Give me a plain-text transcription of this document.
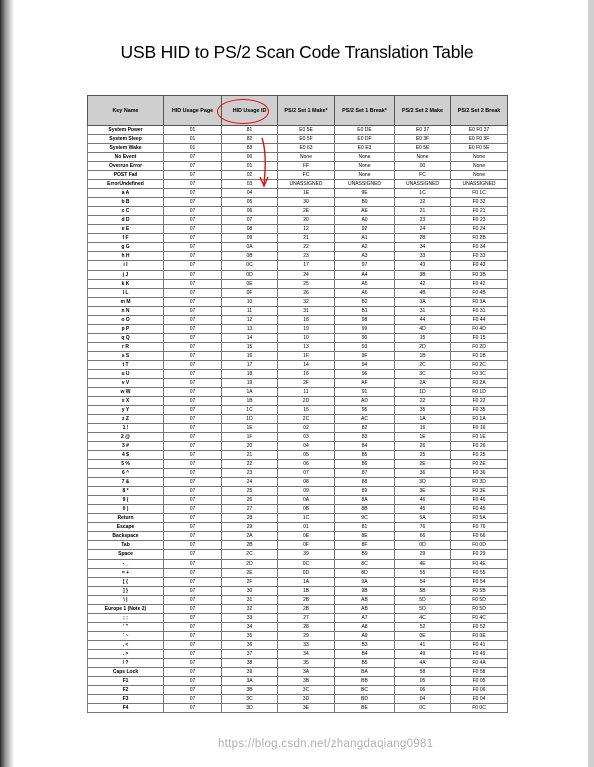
USB HID to PS/2 Scan Code Translation Table
Key Name	HID Usage Page	HID Usage ID	PS/2 Set 1 Make*	PS/2 Set 1 Break*	PS/2 Set 2 Make	PS/2 Set 2 Break
System Power	01	81	E0 5E	E0 DE	E0 37	E0 F0 37
System Sleep	01	82	E0 5F	E0 DF	E0 3F	E0 F0 3F
System Wake	01	83	E0 63	E0 E3	E0 5E	E0 F0 5E
No Event	07	00	None	None	None	None
Overrun Error	07	01	FF	None	00	None
POST Fail	07	02	FC	None	FC	None
ErrorUndefined	07	03	UNASSIGNED	UNASSIGNED	UNASSIGNED	UNASSIGNED
a A	07	04	1E	9E	1C	F0 1C
b B	07	05	30	B0	32	F0 32
c C	07	06	2E	AE	21	F0 21
d D	07	07	20	A0	23	F0 23
e E	07	08	12	92	24	F0 24
f F	07	09	21	A1	2B	F0 2B
g G	07	0A	22	A2	34	F0 34
h H	07	0B	23	A3	33	F0 33
i I	07	0C	17	97	43	F0 43
j J	07	0D	24	A4	3B	F0 3B
k K	07	0E	25	A5	42	F0 42
l L	07	0F	26	A6	4B	F0 4B
m M	07	10	32	B2	3A	F0 3A
n N	07	11	31	B1	31	F0 31
o O	07	12	18	98	44	F0 44
p P	07	13	19	99	4D	F0 4D
q Q	07	14	10	90	15	F0 15
r R	07	15	13	93	2D	F0 2D
s S	07	16	1F	9F	1B	F0 1B
t T	07	17	14	94	2C	F0 2C
u U	07	18	16	96	3C	F0 3C
v V	07	19	2F	AF	2A	F0 2A
w W	07	1A	11	91	1D	F0 1D
x X	07	1B	2D	AD	22	F0 22
y Y	07	1C	15	95	35	F0 35
z Z	07	1D	2C	AC	1A	F0 1A
1 !	07	1E	02	82	16	F0 16
2 @	07	1F	03	83	1E	F0 1E
3 #	07	20	04	84	26	F0 26
4 $	07	21	05	85	25	F0 25
5 %	07	22	06	86	2E	F0 2E
6 ^	07	23	07	87	36	F0 36
7 &	07	24	08	88	3D	F0 3D
8 *	07	25	09	89	3E	F0 3E
9 (	07	26	0A	8A	46	F0 46
0 )	07	27	0B	8B	45	F0 45
Return	07	28	1C	9C	5A	F0 5A
Escape	07	29	01	81	76	F0 76
Backspace	07	2A	0E	8E	66	F0 66
Tab	07	2B	0F	8F	0D	F0 0D
Space	07	2C	39	B9	29	F0 29
- _	07	2D	0C	8C	4E	F0 4E
= +	07	2E	0D	8D	55	F0 55
[ {	07	2F	1A	9A	54	F0 54
] }	07	30	1B	9B	5B	F0 5B
\ |	07	31	2B	AB	5D	F0 5D
Europe 1 (Note 2)	07	32	2B	AB	5D	F0 5D
; :	07	33	27	A7	4C	F0 4C
' "	07	34	28	A8	52	F0 52
` ~	07	35	29	A9	0E	F0 0E
, <	07	36	33	B3	41	F0 41
. >	07	37	34	B4	49	F0 49
/ ?	07	38	35	B5	4A	F0 4A
Caps Lock	07	39	3A	BA	58	F0 58
F1	07	3A	3B	BB	05	F0 05
F2	07	3B	3C	BC	06	F0 06
F3	07	3C	3D	BD	04	F0 04
F4	07	3D	3E	BE	0C	F0 0C
https://blog.csdn.net/zhangdaqiang0981
